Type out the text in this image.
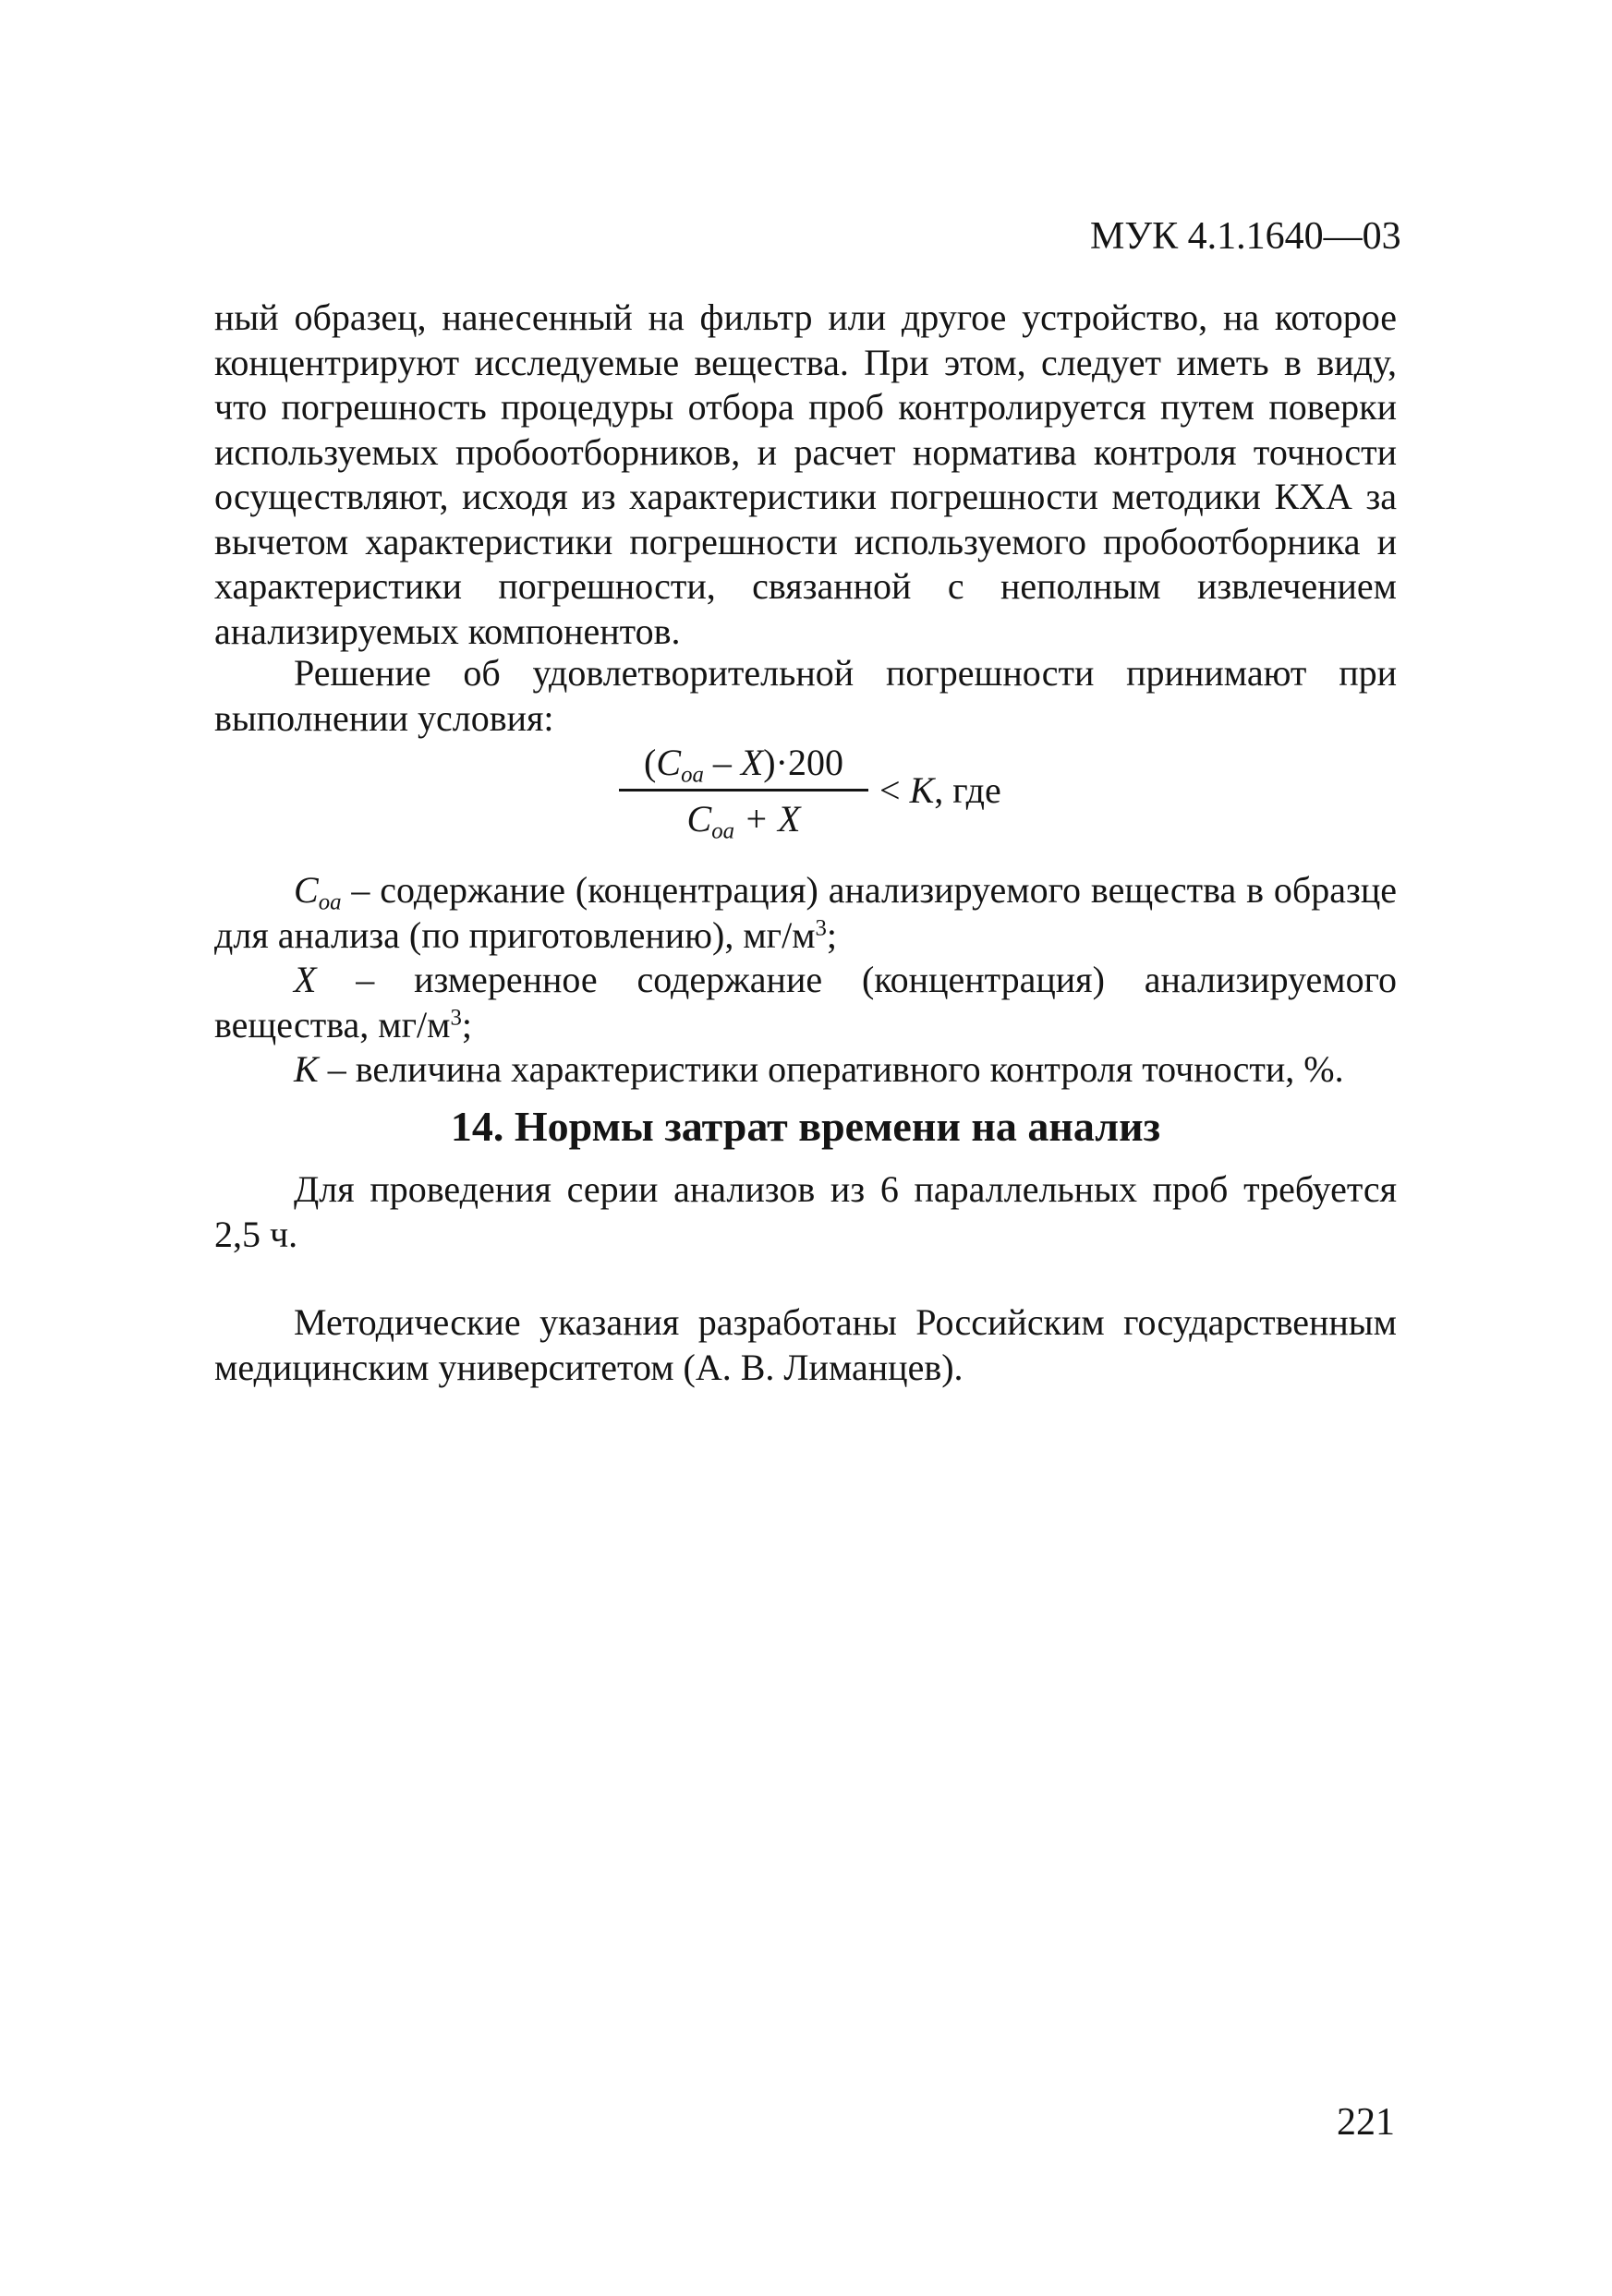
МУК 4.1.1640—03

ный образец, нанесенный на фильтр или другое устройство, на которое концентрируют исследуемые вещества. При этом, следует иметь в виду, что погрешность процедуры отбора проб контролируется путем поверки используемых пробоотборников, и расчет норматива контроля точности осуществляют, исходя из характеристики погрешности методики КХА за вычетом характеристики погрешности используемого пробоотборника и характеристики погрешности, связанной с неполным извлечением анализируемых компонентов.

Решение об удовлетворительной погрешности принимают при выполнении условия:

$(C_{оа} - X)\cdot 200$
$C_{оа} + X$
< K, где

$C_{оа}$ – содержание (концентрация) анализируемого вещества в образце для анализа (по приготовлению), $мг/м^3$;

X – измеренное содержание (концентрация) анализируемого вещества, $мг/м^3$;

K – величина характеристики оперативного контроля точности, %.

14. Нормы затрат времени на анализ

Для проведения серии анализов из 6 параллельных проб требуется 2,5 ч.

Методические указания разработаны Российским государственным медицинским университетом (А. В. Лиманцев).

221
